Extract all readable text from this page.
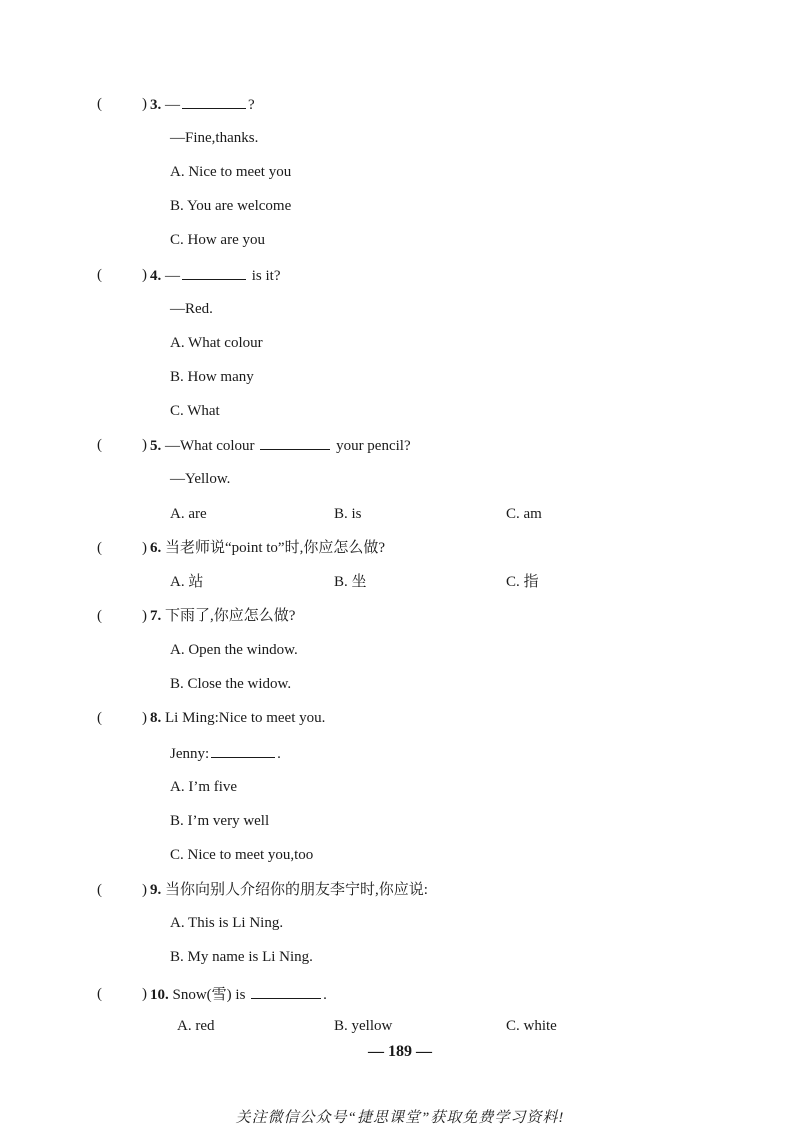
(	) 3. —	?
—Fine,thanks.
A. Nice to meet you
B. You are welcome
C. How are you
(	) 4. —	is it?
—Red.
A. What colour
B. How many
C. What
(	) 5. —What colour	your pencil?
—Yellow.
A. are	B. is	C. am
(	) 6. 当老师说“point to”时,你应怎么做?
A. 站	B. 坐	C. 指
(	) 7. 下雨了,你应怎么做?
A. Open the window.
B. Close the widow.
(	) 8. Li Ming:Nice to meet you.
Jenny:	.
A. I’m five
B. I’m very well
C. Nice to meet you,too
(	) 9. 当你向别人介绍你的朋友李宁时,你应说:
A. This is Li Ning.
B. My name is Li Ning.
(	) 10. Snow(雪) is	.
A. red	B. yellow	C. white
— 189 —
关注微信公众号“捷思课堂”获取免费学习资料!
